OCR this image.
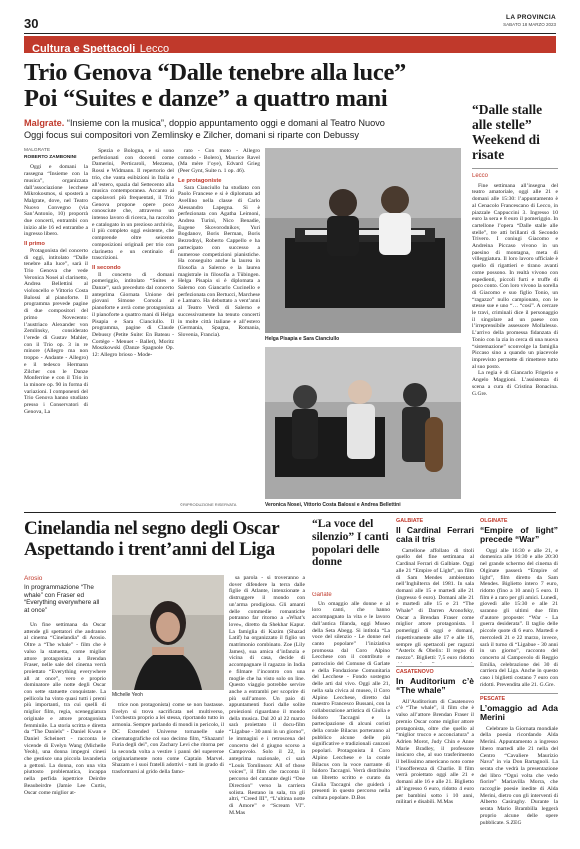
30	LA PROVINCIA
SABATO 18 MARZO 2023
Cultura e Spettacoli Lecco
Trio Genova “Dalle tenebre alla luce”
Poi “Suites e danze” a quattro mani
Malgrate. “Insieme con la musica”, doppio appuntamento oggi e domani al Teatro Nuovo
Oggi focus sui compositori von Zemlinsky e Zilcher, domani si riparte con Debussy
MALGRATE
ROBERTO ZAMBONINI

Oggi e domani la rassegna “Insieme con la musica”, organizzata dall’associazione lecchese Mikrokosmos, si sposterà a Malgrate, dove, nel Teatro Nuovo Convegno (via San’Antonio, 10) proporrà due concerti, entrambi con inizio alle 16 ed entrambe a ingresso libero.

Il primo

Protagonista del concerto di oggi, intitolato “Dalle tenebre alla luce”, sarà il Trio Genova che vede Veronica Nosei al clarinetto, Andrea Bellettini al violoncello e Vittorio Costa Balossi al pianoforte. Il programma prevede pagine di due compositori del primo Novecento: l’austriaco Alexander von Zemlinsky, considerato l’erede di Gustav Mahler, con il Trio op. 3 in re minore (Allegro ma non troppo - Andante - Allegro) e il tedesco Hermann Zilcher con le Danze Monferrine e con il Trio in la minore op. 90 in forma di variazioni. I componenti del Trio Genova hanno studiato presso i Conservatori di Genova, La

Spezia e Bologna, e si sono perfezionati con docenti come Damerini, Perticaroli, Mezzena, Rossi e Widmann. Il repertorio del trio, che vanta esibizioni in Italia e all’estero, spazia dal Settecento alla musica contemporanea. Accanto ai capolavori più frequentati, il Trio Genova propone opere poco conosciute che, attraverso un intenso lavoro di ricerca, ha raccolto e catalogato in un prezioso archivio, il più completo oggi esistente, che comprende oltre seicento composizioni originali per trio con clarinetto e un centinaio di trascrizioni.

Il secondo

Il concerto di domani pomeriggio, intitolato “Suites e Danze”, sarà preceduto dal concerto anteprima Giornata Unione dei giovani Simone Corsola al pianoforte e avrà come protagonista il pianoforte a quattro mani di Helga Pisapia e Sara Cianciullo. Il programma, pagine di Claude Debussy (Petite Suite: En Bateau - Cortège - Menuet - Ballet), Moritz Moszkowski (Danze Spagnole Op. 12: Allegro brioso - Mode-

rato - Con moto - Allegro comodo - Bolero), Maurice Ravel (Ma mère l’oye), Edvard Grieg (Peer Gynt, Suite n. 1 op. 46).

Le protagoniste

Sara Cianciullo ha studiato con Paolo Francese e si è diplomata ad Avellino nella classe di Carlo Alessandro Lapegna. Si è perfezionata con Agatha Leimoni, Andrea Turini, Nico Benadie, Eugene Skovorodnikov, Yuri Bogdanov, Boris Berman, Boris Bezrodnyi, Roberto Cappello e ha partecipato con successo a numerose competizioni pianistiche. Ha conseguito anche la laurea in filosofia a Salerno e la laurea magistrale in filosofia a Tübingen. Helga Pisapia si è diplomata a Salerno con Giancarlo Cucinello e perfezionata con Bertucci, Marchese e Lamaro. Ha debuttato a vent’anni al Teatro Verdi di Salerno e successivamente ha tenuto concerti in molte città italiane e all’estero (Germania, Spagna, Romania, Slovenia, Francia).

Helga Pisapia e Sara Cianciullo
Veronica Nosei, Vittorio Costa Balossi e Andrea Bellettini
©RIPRODUZIONE RISERVATA
“Dalle stalle alle stelle” Weekend di risate
Lecco

Fine settimana all’insegna del teatro amatoriale, oggi alle 21 e domani alle 15:30: l’appuntamento è al Cenacolo Francescano di Lecco, in piazzale Cappuccini 3. Ingresso 10 euro la sera e 8 euro il pomeriggio. In cartellone l’opera “Dalle stalle alle stelle”, tre atti brillanti di Secondo Trivero. I coniugi Giacomo e Andreina Piccaso vivono in un paesino di montagna, meta di villeggiatura. Il loro lavoro ufficiale è quello di rigattieri e tirano avanti come possono. In realtà vivono con espedienti, piccoli furti e truffe di poco conto. Con loro vivono la sorella di Giacomo e suo figlio Tonio, un “ragazzo” nullo campionato, con le stesse sue e uno “… “così”. A cercare le travi, criminali dice il personaggio il singolare ad un paese con l’irreprensibile assessore Mollalesso. L’arrivo della promessa fidanzata di Tonio con la zia in cerca di una nuova “sistemazione” sconvolge la famiglia Piccaso sino a quando un piacevole imprevisto permette di rimettere tutto al suo posto.

La regia è di Giancarlo Frigerio e Angelo Maggioni. L’assistenza di scena a cura di Cristina Bonacina. G.Gre.

Cinelandia nel segno degli Oscar
Aspettando i trent’anni del Liga
Arosio
In programmazione “The whale” con Fraser ed “Everything everywhere all at once”

Un fine settimana da Oscar attende gli spettatori che andranno al cinema “Cinelandia” di Arosio. Oltre a “The whale” - film che è valso la statuetta, come miglior attore protagonista a Brendan Fraser, nelle sale del cinema verrà proiettato “Everything everywhere all at once”, vero e proprio dominatore alle notte degli Oscar con sette statuette conquistate. La pellicola ha vinto quasi tutti i premi più importanti, tra cui quelli di miglior film, regia, sceneggiatura originale e attore protagonista femminile. La storia scritta e diretta da “The Daniels” - Daniel Kwan e Daniel Scheinert - racconta le vicende di Evelyn Wang (Michelle Yeoh), una donna impegni cinesi che gestisce una piccola lavanderia a gettoni. La donna, con una vita piuttosto problematica, incappa nella perfida ispettrice Deirdre Beaubeirdre (Jamie Lee Curtis, Oscar come miglior at-

Michelle Yeoh

trice non protagonista) come se non bastasse. Evelyn si trova sacrificata nel multiverso, l’orchestra proprio a lei stessa, riportando tutto in armonia. Sempre parlando di mondi in pericolo, il DC Extended Universe tornanelle sale cinematografiche col suo decimo film, “Shazam! Furia degli dei”, con Zachary Levi che ritorna per la seconda volta a vestire i panni del supereroe originariamente noto come Captain Marvel. Shazam e i suoi fratelli adottivi - tutti in grado di trasformarsi al grido della famo-

sa parola - si troveranno a dover difendere la terra dalle figlie di Atlante, intenzionate a distruggere il mondo con un’arma prodigiosa. Gli amanti delle commedie romantiche potranno far ritorno a «What’s love», diretto da Shekhar Kapur. La famiglia di Kazim (Shazad Latif) ha organizzato il figlio un matrimonio combinato. Zoe (Lily James), sua amica d’infanzia e vicina di casa, decide di accompagnare il ragazzo in India e filmare l’incontro con una moglie che ha visto solo on line. Questo viaggio potrebbe servire anche a entrambi per scoprire di più sull’amore. Un paio di appuntamenti fuori dalle solite proiezioni riguardano il mondo della musica. Dal 20 al 22 marzo sarà proiettato il docu-film “Ligabue - 30 anni in un giorno”, le immagini e i retroscena del concerto del 4 giugno scorso a Campovolo. Solo il 22, in anteprima nazionale, ci sarà “Louis Tomlinson: All of those voices”, il film che racconta il percorso del cantante degli “One Direction” verso la carriera solista. Restano in sala, tra gli altri, “Creed III”, “L’ultima notte di Amore” e “Scream VI”. M.Mas

“La voce del silenzio” I canti popolari delle donne
Garlate

Un omaggio alle donne e al loro canti, che hanno accompagnato la vita e le lavoro dall’antica filanda, oggi Museo della Seta Abegg. Si intitola “La voce del silenzio - Le donne nel canto popolare” l’iniziativa promossa dal Coro Alpino Lecchese con il contributo e patrocinio del Comune di Garlate e della Fondazione Comunitaria del Lecchese - Fondo sostegno delle arti dal vivo. Oggi alle 21, nella sala civica al museo, il Coro Alpino Lecchese, diretto dal maestro Francesco Bussani, con la collaborazione artistica di Giulia e Isidoro Taccagni e la partecipazione di alcuni coristi della corale Bilacus porteranno al pubblico alcune delle più significative e tradizionali canzoni popolari. Protagonista il Coro Alpino Lecchese e la corale Bilacus con la voce narrante di Isidoro Taccagni. Verrà distribuito un libretto scritto e curato da Giulia Taccagni che guiderà i presenti in questo percorso nella cultura popolare. D.Bos

GALBIATE
Il Cardinal Ferrari cala il tris

Cartellone affollato di titoli quello del fine settimana al Cardinal Ferrari di Galbiate. Oggi alle 21 “Empire of Light”, un film di Sam Mendes ambientato nell’Inghilterra del 1981. In sala domani alle 15 e martedì alle 21 (ingresso 6 euro). Domani alle 21 e martedì alle 15 e 21 “The Whale” di Darren Aronofsky, Oscar a Brendan Fraser come miglior attore protagonista. I pomeriggi di oggi e domani, rispettivamente alle 17 e alle 16, sempre gli spettacoli per ragazzi “Asterix & Obelix: Il regno di mezzo”. Biglietti: 7,5 euro ridotto

CASATENOVO
In Auditorium c’è “The whale”

All’Auditorium di Casatenovo c’è “The whale”, il film che è valso all’attore Brendan Fraser il premio Oscar come miglior attore protagonista, oltre che quello al “miglior trucco e acconciatura” a Adrien Morot, Judy Chin e Anne Marie Bradley, il professore insicuro che, al suo trasferimento il bellissimo americano noto come l’insofferenza di Charlie. Il film verrà proiettato oggi alle 21 e domani alle 16 e alle 21. Biglietto all’ingresso 6 euro, ridotto 4 euro per bambini sotto i 10 anni, militari e disabili. M.Mas

OLGINATE
“Empire of light” precede “War”

Oggi alle 16:30 e alle 21, e domenica alle 16:30 e alle 20:30 nel grande schermo del cinema di Olginate passerà “Empire of light”, film diretto da Sam Mendes. Biglietto intero 7 euro, ridotto (fino a 10 anni) 5 euro. Il film è a raro per gli amici. Lunedì, giovedì alle 15:30 e alle 21 saranno gli ultimi due film d’autore proposte: “War - La guerra desiderata”. Il taglio delle piccole quote di 6 euro. Martedì e mercoledì 21 e 22 marzo, invece, sarà il turno di “Ligabue - 30 anni in un giorno”, racconto del concerto al Campovolo di Reggio Emilia, celebrazione dei 30 di carriera del Liga. Anche in questo caso i biglietti costano 7 euro con ridotti. Prevendita alle 21. G.Gre.

PESCATE
L’omaggio ad Ada Merini

Celebrare la Giornata mondiale della poesia ricordando Alda Merini. Appuntamento a ingresso libero martedì alle 21 nella del Centro “Cavaliere Maurizio Nava” in via Don Bartagnoli. La serata che vedrà la presentazione del libro “Ogni volta che vedo fiorire” Mariavilla Morra, che raccoglie poesie inedite di Alda Merini, dietro con gli interventi di Alberto Casiraghy. Durante la serata Mario Brambilla leggerà proprio alcune delle opere pubblicate. S.ZEG
